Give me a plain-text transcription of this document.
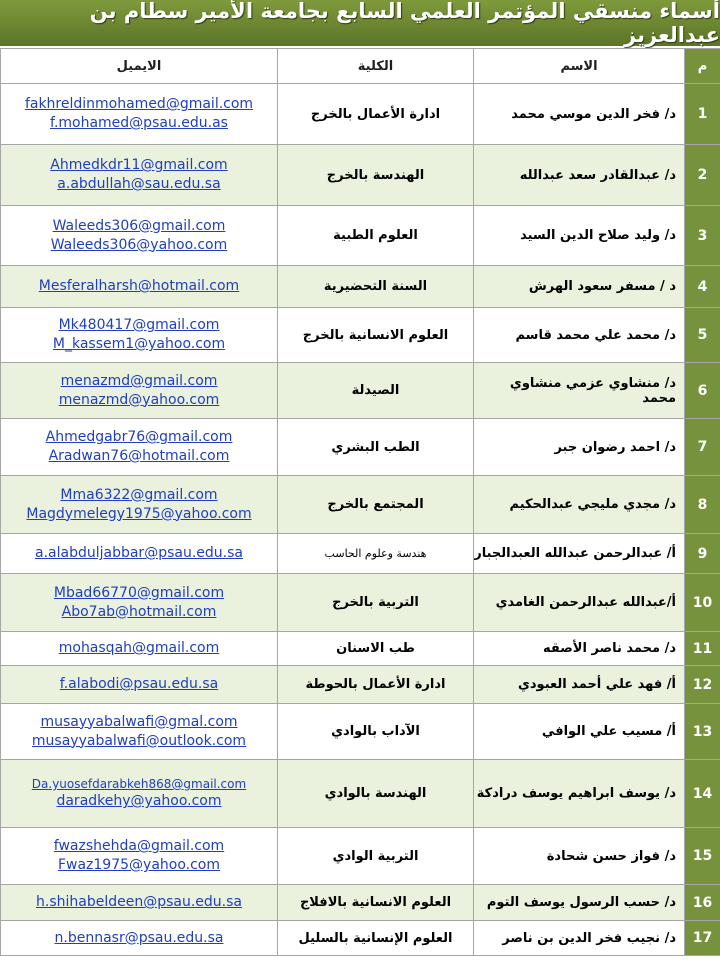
أسماء منسقي المؤتمر العلمي السابع بجامعة الأمير سطام بن عبدالعزيز
الايميل	الكلية	الاسم	م

fakhreldinmohamed@gmail.com
f.mohamed@psau.edu.as	ادارة الأعمال بالخرج	د/ فخر الدين موسي محمد	1

Ahmedkdr11@gmail.com
a.abdullah@sau.edu.sa	الهندسة بالخرج	د/ عبدالقادر سعد عبدالله	2

Waleeds306@gmail.com
Waleeds306@yahoo.com	العلوم الطبية	د/ وليد صلاح الدين السيد	3

Mesferalharsh@hotmail.com	السنة التحضيرية	د / مسفر سعود الهرش	4

Mk480417@gmail.com
M_kassem1@yahoo.com	العلوم الانسانية بالخرج	د/ محمد علي محمد قاسم	5

menazmd@gmail.com
menazmd@yahoo.com	الصيدلة	د/ منشاوي عزمي منشاوي محمد	6

Ahmedgabr76@gmail.com
Aradwan76@hotmail.com	الطب البشري	د/ احمد رضوان جبر	7

Mma6322@gmail.com
Magdymelegy1975@yahoo.com	المجتمع بالخرج	د/ مجدي مليجي عبدالحكيم	8

a.alabduljabbar@psau.edu.sa	هندسة وعلوم الحاسب	أ/ عبدالرحمن عبدالله العبدالجبار	9

Mbad66770@gmail.com
Abo7ab@hotmail.com	التربية بالخرج	أ/عبدالله عبدالرحمن الغامدي	10

mohasqah@gmail.com	طب الاسنان	د/ محمد ناصر الأصقه	11

f.alabodi@psau.edu.sa	ادارة الأعمال بالحوطة	أ/ فهد علي أحمد العبودي	12

musayyabalwafi@gmal.com
musayyabalwafi@outlook.com	الآداب بالوادي	أ/ مسيب علي الوافي	13

Da.yuosefdarabkeh868@gmail.com
daradkehy@yahoo.com	الهندسة بالوادي	د/ يوسف ابراهيم يوسف درادكة	14

fwazshehda@gmail.com
Fwaz1975@yahoo.com	التربية الوادي	د/ فواز حسن شحادة	15

h.shihabeldeen@psau.edu.sa	العلوم الانسانية بالافلاج	د/ حسب الرسول يوسف التوم	16

n.bennasr@psau.edu.sa	العلوم الإنسانية بالسليل	د/ نجيب فخر الدين بن ناصر	17
